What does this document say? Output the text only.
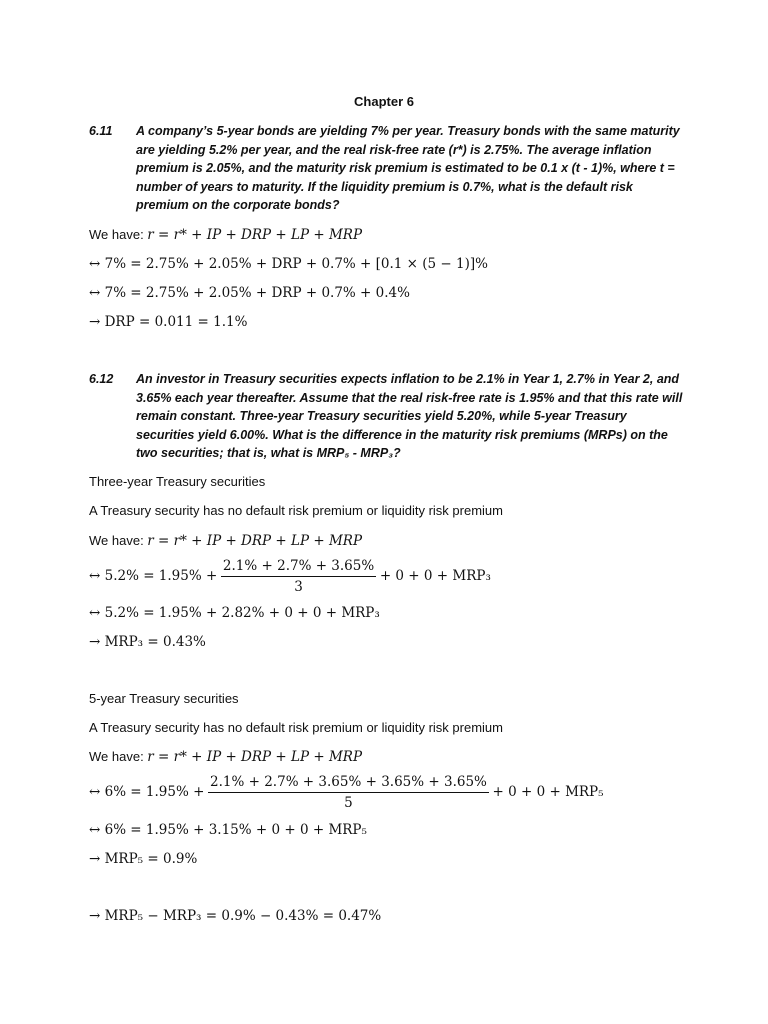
Chapter 6
6.11 A company’s 5-year bonds are yielding 7% per year. Treasury bonds with the same maturity are yielding 5.2% per year, and the real risk-free rate (r*) is 2.75%. The average inflation premium is 2.05%, and the maturity risk premium is estimated to be 0.1 x (t - 1)%, where t = number of years to maturity. If the liquidity premium is 0.7%, what is the default risk premium on the corporate bonds?
We have: r = r* + IP + DRP + LP + MRP
↔ 7% = 2.75% + 2.05% + DRP + 0.7% + [0.1 × (5 − 1)]%
↔ 7% = 2.75% + 2.05% + DRP + 0.7% + 0.4%
→ DRP = 0.011 = 1.1%
6.12 An investor in Treasury securities expects inflation to be 2.1% in Year 1, 2.7% in Year 2, and 3.65% each year thereafter. Assume that the real risk-free rate is 1.95% and that this rate will remain constant. Three-year Treasury securities yield 5.20%, while 5-year Treasury securities yield 6.00%. What is the difference in the maturity risk premiums (MRPs) on the two securities; that is, what is MRP₅ - MRP₃?
Three-year Treasury securities
A Treasury security has no default risk premium or liquidity risk premium
We have: r = r* + IP + DRP + LP + MRP
↔ $5.2\% = 1.95\% + \frac{2.1\% + 2.7\% + 3.65\%}{3} + 0 + 0 + MRP_3$
↔ 5.2% = 1.95% + 2.82% + 0 + 0 + MRP₃
→ MRP₃ = 0.43%
5-year Treasury securities
A Treasury security has no default risk premium or liquidity risk premium
We have: r = r* + IP + DRP + LP + MRP
↔ $6\% = 1.95\% + \frac{2.1\% + 2.7\% + 3.65\% + 3.65\% + 3.65\%}{5} + 0 + 0 + MRP_5$
↔ 6% = 1.95% + 3.15% + 0 + 0 + MRP₅
→ MRP₅ = 0.9%
→ MRP₅ − MRP₃ = 0.9% − 0.43% = 0.47%
